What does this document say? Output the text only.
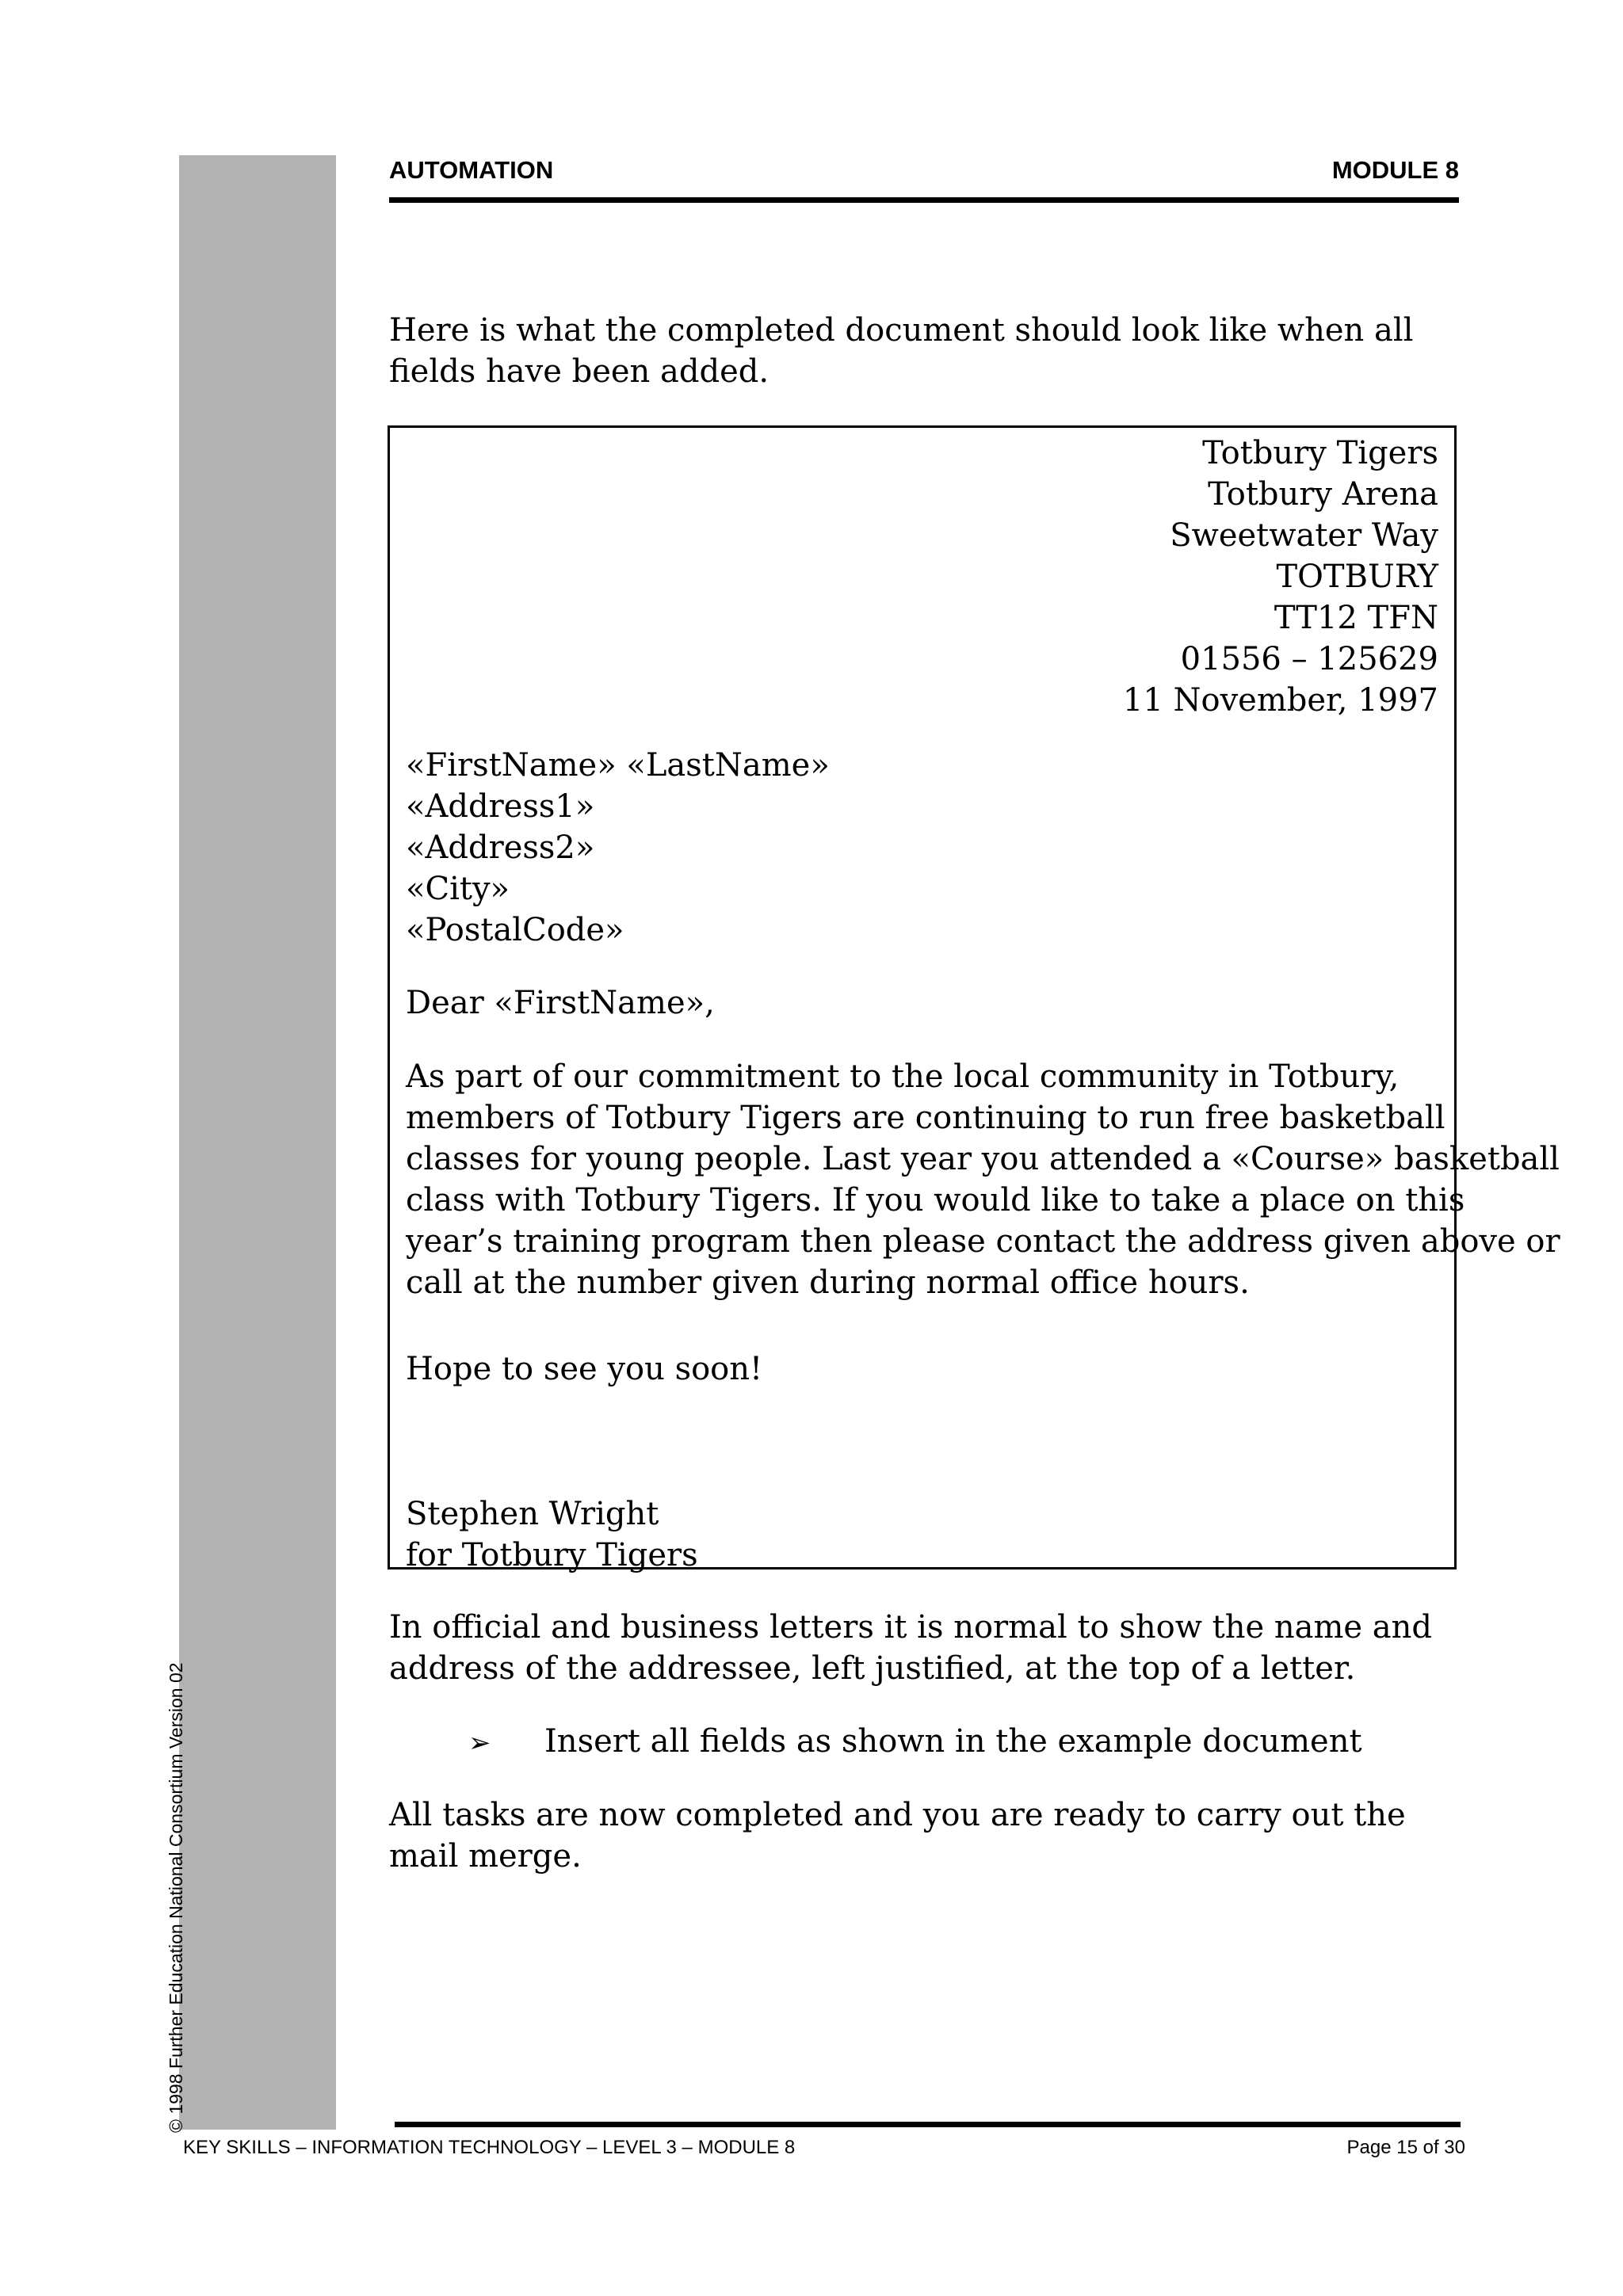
© 1998 Further Education National Consortium Version 02
AUTOMATION	MODULE 8

Here is what the completed document should look like when all fields have been added.

Totbury Tigers
Totbury Arena
Sweetwater Way
TOTBURY
TT12 TFN
01556 – 125629
11 November, 1997
«FirstName» «LastName»
«Address1»
«Address2»
«City»
«PostalCode»
Dear «FirstName»,
As part of our commitment to the local community in Totbury,
members of Totbury Tigers are continuing to run free basketball
classes for young people. Last year you attended a «Course» basketball
class with Totbury Tigers. If you would like to take a place on this
year’s training program then please contact the address given above or
call at the number given during normal office hours.
Hope to see you soon!
Stephen Wright
for Totbury Tigers

In official and business letters it is normal to show the name and address of the addressee, left justified, at the top of a letter.

➢ Insert all fields as shown in the example document

All tasks are now completed and you are ready to carry out the mail merge.

KEY SKILLS – INFORMATION TECHNOLOGY – LEVEL 3 – MODULE 8	Page 15 of 30
